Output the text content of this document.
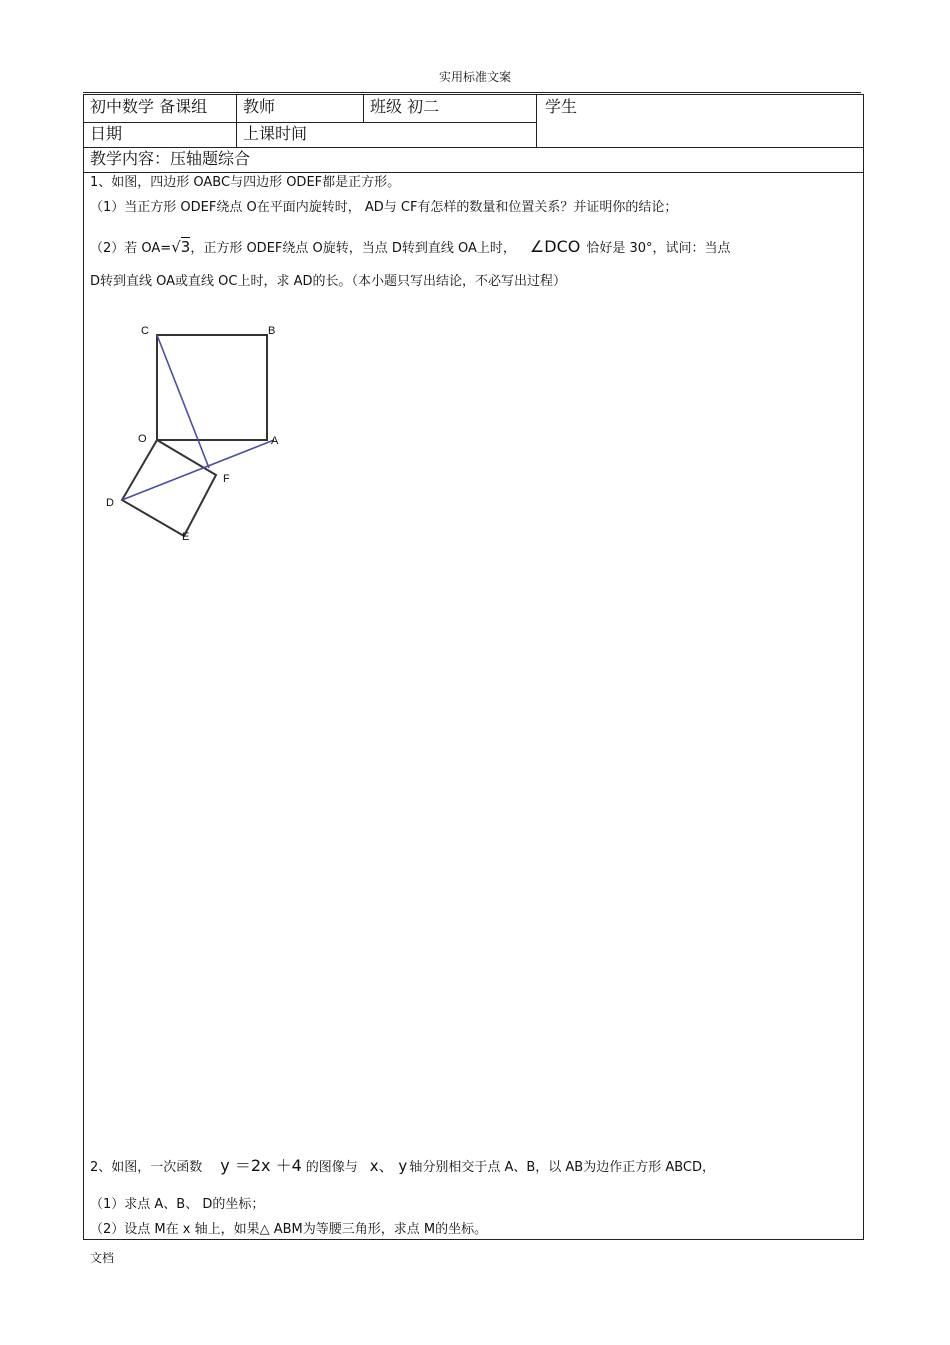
实用标准文案
初中数学 备课组	教师	班级 初二	学生
日期	上课时间
教学内容：压轴题综合
1、如图，四边形 OABC与四边形 ODEF都是正方形。
（1）当正方形 ODEF绕点 O在平面内旋转时， AD与 CF有怎样的数量和位置关系？并证明你的结论；
（2）若 OA=√3，正方形 ODEF绕点 O旋转，当点 D转到直线 OA上时， ∠DCO 恰好是 30°，试问：当点
D转到直线 OA或直线 OC上时，求 AD的长。（本小题只写出结论，不必写出过程）
C	B
O	A
F
D
E
2、如图，一次函数 y ＝2x ＋4 的图像与 x、 y 轴分别相交于点 A、B，以 AB为边作正方形 ABCD，
（1）求点 A、B、 D的坐标；
（2）设点 M在 x 轴上，如果△ ABM为等腰三角形，求点 M的坐标。
文档
